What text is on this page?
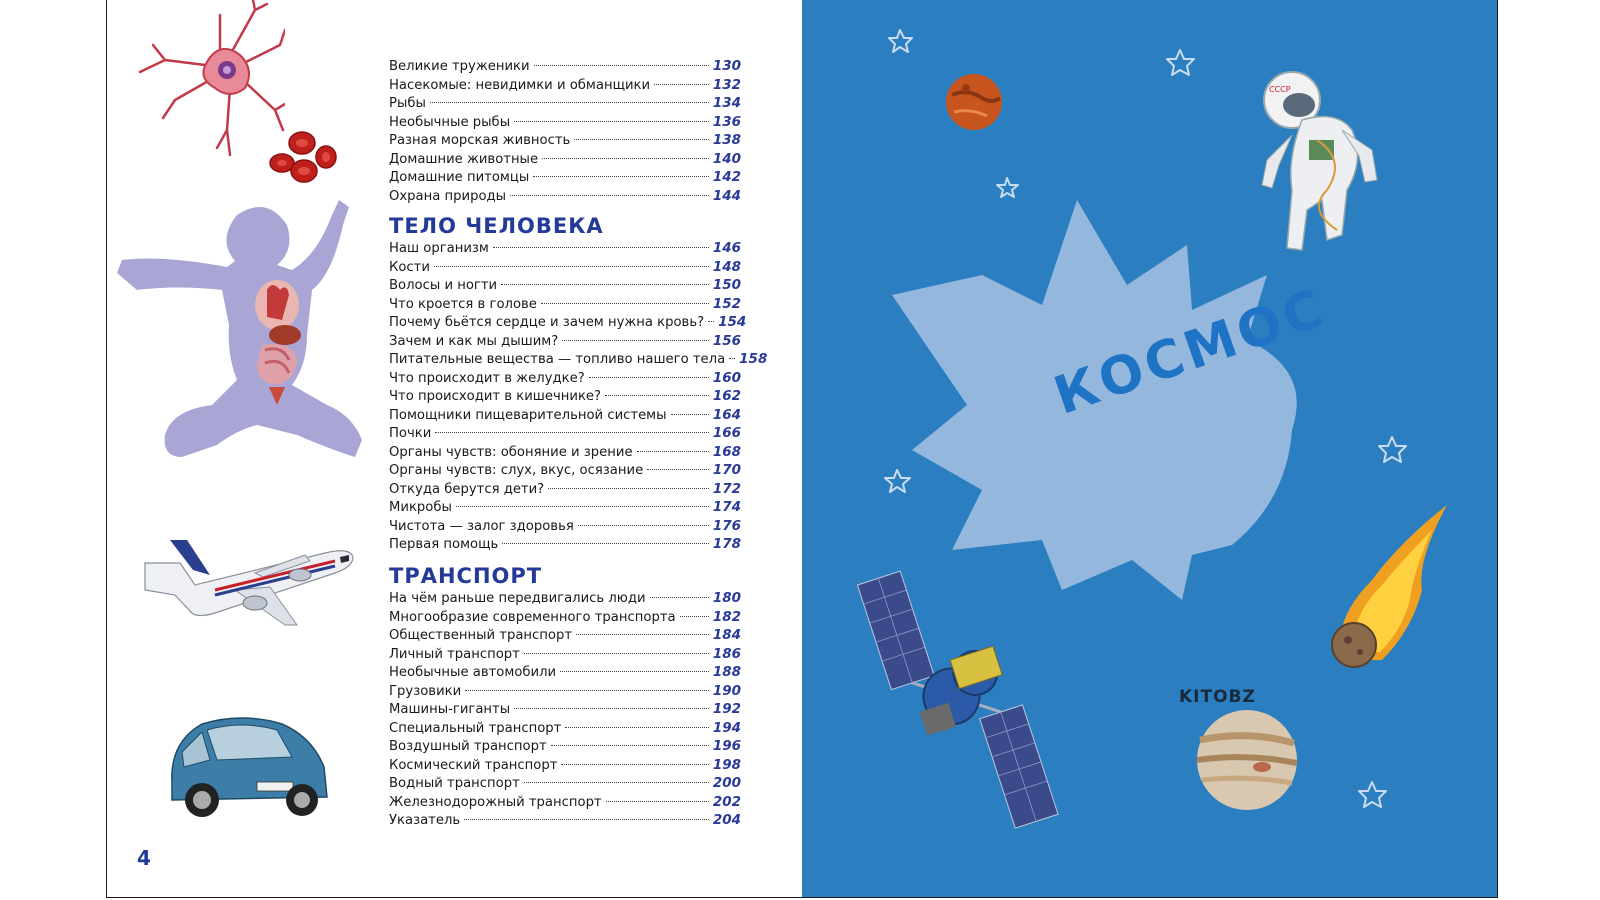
Великие труженики	130
Насекомые: невидимки и обманщики	132
Рыбы	134
Необычные рыбы	136
Разная морская живность	138
Домашние животные	140
Домашние питомцы	142
Охрана природы	144
ТЕЛО ЧЕЛОВЕКА
Наш организм	146
Кости	148
Волосы и ногти	150
Что кроется в голове	152
Почему бьётся сердце и зачем нужна кровь? 154
Зачем и как мы дышим?	156
Питательные вещества — топливо нашего тела 158
Что происходит в желудке?	160
Что происходит в кишечнике?	162
Помощники пищеварительной системы	164
Почки	166
Органы чувств: обоняние и зрение	168
Органы чувств: слух, вкус, осязание	170
Откуда берутся дети?	172
Микробы	174
Чистота — залог здоровья	176
Первая помощь	178
ТРАНСПОРТ
На чём раньше передвигались люди	180
Многообразие современного транспорта	182
Общественный транспорт	184
Личный транспорт	186
Необычные автомобили	188
Грузовики	190
Машины-гиганты	192
Специальный транспорт	194
Воздушный транспорт	196
Космический транспорт	198
Водный транспорт	200
Железнодорожный транспорт	202
Указатель	204
4
КОСМОС
СССР
KITOBZ
